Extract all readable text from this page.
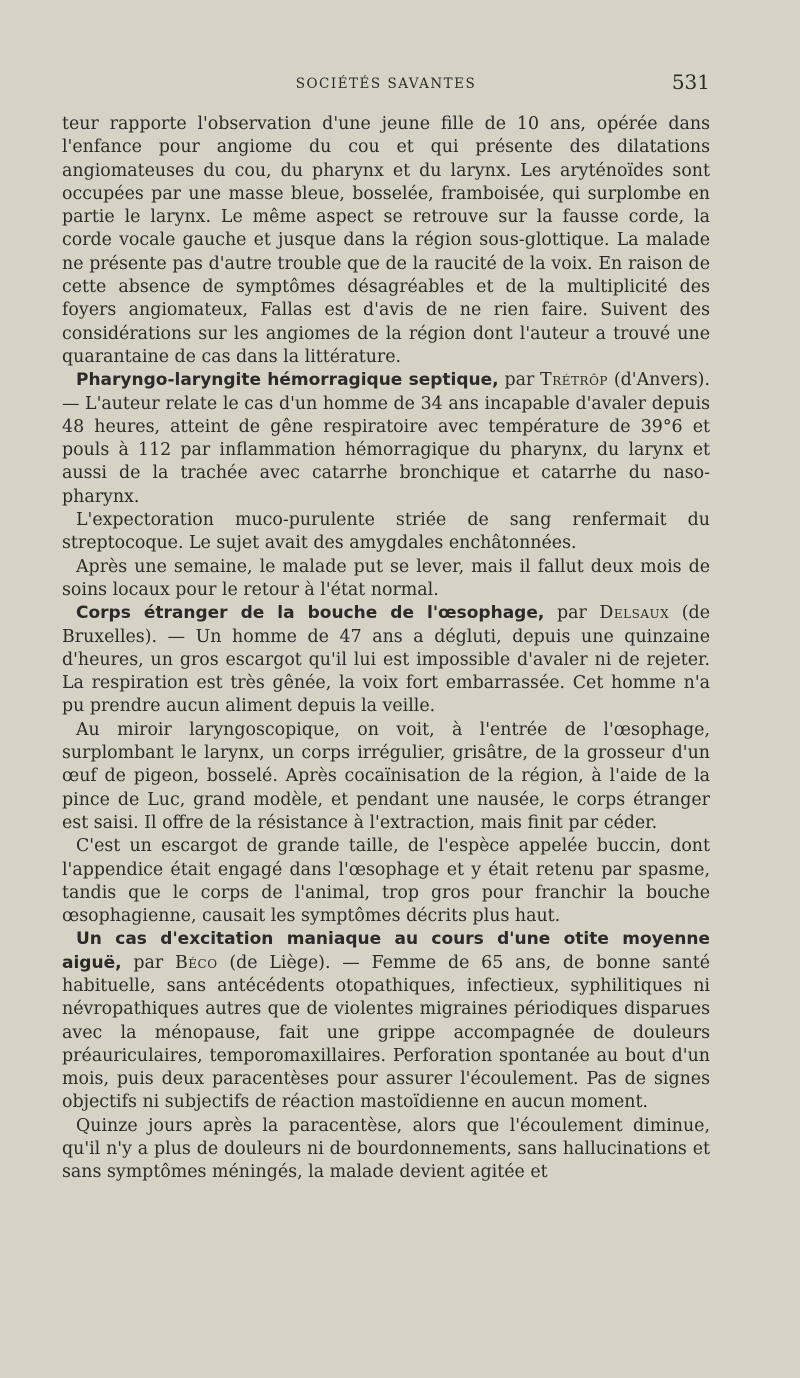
SOCIÉTÉS SAVANTES	531

teur rapporte l'observation d'une jeune fille de 10 ans, opérée dans l'enfance pour angiome du cou et qui présente des dilatations angiomateuses du cou, du pharynx et du larynx. Les aryténoïdes sont occupées par une masse bleue, bosselée, framboisée, qui surplombe en partie le larynx. Le même aspect se retrouve sur la fausse corde, la corde vocale gauche et jusque dans la région sous-glottique. La malade ne présente pas d'autre trouble que de la raucité de la voix. En raison de cette absence de symptômes désagréables et de la multiplicité des foyers angiomateux, Fallas est d'avis de ne rien faire. Suivent des considérations sur les angiomes de la région dont l'auteur a trouvé une quarantaine de cas dans la littérature.

Pharyngo-laryngite hémorragique septique, par Trétrôp (d'Anvers). — L'auteur relate le cas d'un homme de 34 ans incapable d'avaler depuis 48 heures, atteint de gêne respiratoire avec température de 39°6 et pouls à 112 par inflammation hémorragique du pharynx, du larynx et aussi de la trachée avec catarrhe bronchique et catarrhe du naso-pharynx.

L'expectoration muco-purulente striée de sang renfermait du streptocoque. Le sujet avait des amygdales enchâtonnées.

Après une semaine, le malade put se lever, mais il fallut deux mois de soins locaux pour le retour à l'état normal.

Corps étranger de la bouche de l'œsophage, par Delsaux (de Bruxelles). — Un homme de 47 ans a dégluti, depuis une quinzaine d'heures, un gros escargot qu'il lui est impossible d'avaler ni de rejeter. La respiration est très gênée, la voix fort embarrassée. Cet homme n'a pu prendre aucun aliment depuis la veille.

Au miroir laryngoscopique, on voit, à l'entrée de l'œsophage, surplombant le larynx, un corps irrégulier, grisâtre, de la grosseur d'un œuf de pigeon, bosselé. Après cocaïnisation de la région, à l'aide de la pince de Luc, grand modèle, et pendant une nausée, le corps étranger est saisi. Il offre de la résistance à l'extraction, mais finit par céder.

C'est un escargot de grande taille, de l'espèce appelée buccin, dont l'appendice était engagé dans l'œsophage et y était retenu par spasme, tandis que le corps de l'animal, trop gros pour franchir la bouche œsophagienne, causait les symptômes décrits plus haut.

Un cas d'excitation maniaque au cours d'une otite moyenne aiguë, par Béco (de Liège). — Femme de 65 ans, de bonne santé habituelle, sans antécédents otopathiques, infectieux, syphilitiques ni névropathiques autres que de violentes migraines périodiques disparues avec la ménopause, fait une grippe accompagnée de douleurs préauriculaires, temporomaxillaires. Perforation spontanée au bout d'un mois, puis deux paracentèses pour assurer l'écoulement. Pas de signes objectifs ni subjectifs de réaction mastoïdienne en aucun moment.

Quinze jours après la paracentèse, alors que l'écoulement diminue, qu'il n'y a plus de douleurs ni de bourdonnements, sans hallucinations et sans symptômes méningés, la malade devient agitée et
